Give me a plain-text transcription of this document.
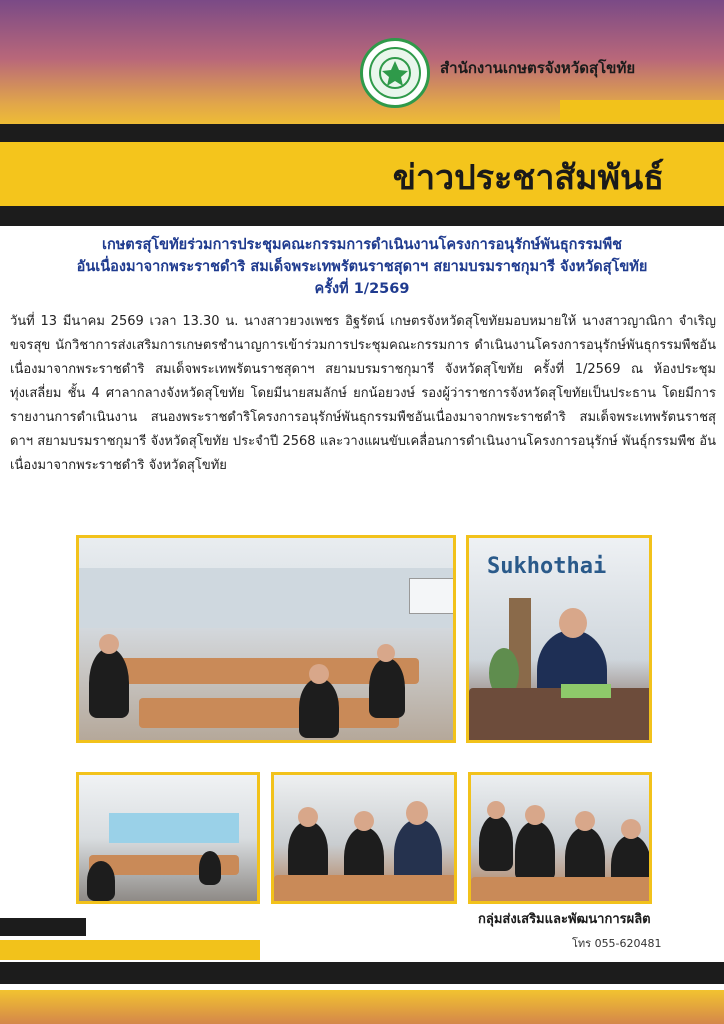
สำนักงานเกษตรจังหวัดสุโขทัย
ข่าวประชาสัมพันธ์
เกษตรสุโขทัยร่วมการประชุมคณะกรรมการดำเนินงานโครงการอนุรักษ์พันธุกรรมพืช
อันเนื่องมาจากพระราชดำริ สมเด็จพระเทพรัตนราชสุดาฯ สยามบรมราชกุมารี จังหวัดสุโขทัย
ครั้งที่ 1/2569
วันที่ 13 มีนาคม 2569 เวลา 13.30 น. นางสาวยวงเพชร อิฐรัตน์ เกษตรจังหวัดสุโขทัยมอบหมายให้ นางสาวญาณิกา จำเริญขจรสุข นักวิชาการส่งเสริมการเกษตรชำนาญการเข้าร่วมการประชุมคณะกรรมการ ดำเนินงานโครงการอนุรักษ์พันธุกรรมพืชอันเนื่องมาจากพระราชดำริ สมเด็จพระเทพรัตนราชสุดาฯ สยามบรมราชกุมารี จังหวัดสุโขทัย ครั้งที่ 1/2569 ณ ห้องประชุมทุ่งเสลี่ยม ชั้น 4 ศาลากลางจังหวัดสุโขทัย โดยมีนายสมลักษ์ ยกน้อยวงษ์ รองผู้ว่าราชการจังหวัดสุโขทัยเป็นประธาน โดยมีการรายงานการดำเนินงาน สนองพระราชดำริโครงการอนุรักษ์พันธุกรรมพืชอันเนื่องมาจากพระราชดำริ สมเด็จพระเทพรัตนราชสุดาฯ สยามบรมราชกุมารี จังหวัดสุโขทัย ประจำปี 2568 และวางแผนขับเคลื่อนการดำเนินงานโครงการอนุรักษ์ พันธุ์กรรมพืช อันเนื่องมาจากพระราชดำริ จังหวัดสุโขทัย
Sukhothai
กลุ่มส่งเสริมและพัฒนาการผลิต
โทร 055-620481
